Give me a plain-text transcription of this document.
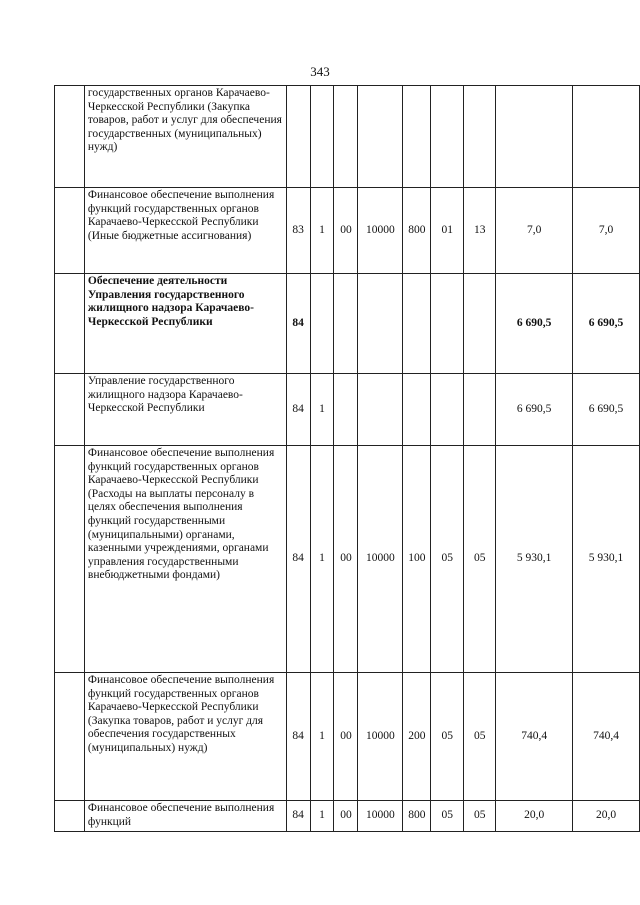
343
	государственных органов Карачаево-Черкесской Республики (Закупка товаров, работ и услуг для обеспечения государственных (муниципальных) нужд)									
	Финансовое обеспечение выполнения функций государственных органов Карачаево-Черкесской Республики (Иные бюджетные ассигнования)	83	1	00	10000	800	01	13	7,0	7,0
	Обеспечение деятельности Управления государственного жилищного надзора Карачаево-Черкесской Республики	84							6 690,5	6 690,5
	Управление государственного жилищного надзора Карачаево-Черкесской Республики	84	1						6 690,5	6 690,5
	Финансовое обеспечение выполнения функций государственных органов Карачаево-Черкесской Республики (Расходы на выплаты персоналу в целях обеспечения выполнения функций государственными (муниципальными) органами, казенными учреждениями, органами управления государственными внебюджетными фондами)	84	1	00	10000	100	05	05	5 930,1	5 930,1
	Финансовое обеспечение выполнения функций государственных органов Карачаево-Черкесской Республики (Закупка товаров, работ и услуг для обеспечения государственных (муниципальных) нужд)	84	1	00	10000	200	05	05	740,4	740,4
	Финансовое обеспечение выполнения функций	84	1	00	10000	800	05	05	20,0	20,0
